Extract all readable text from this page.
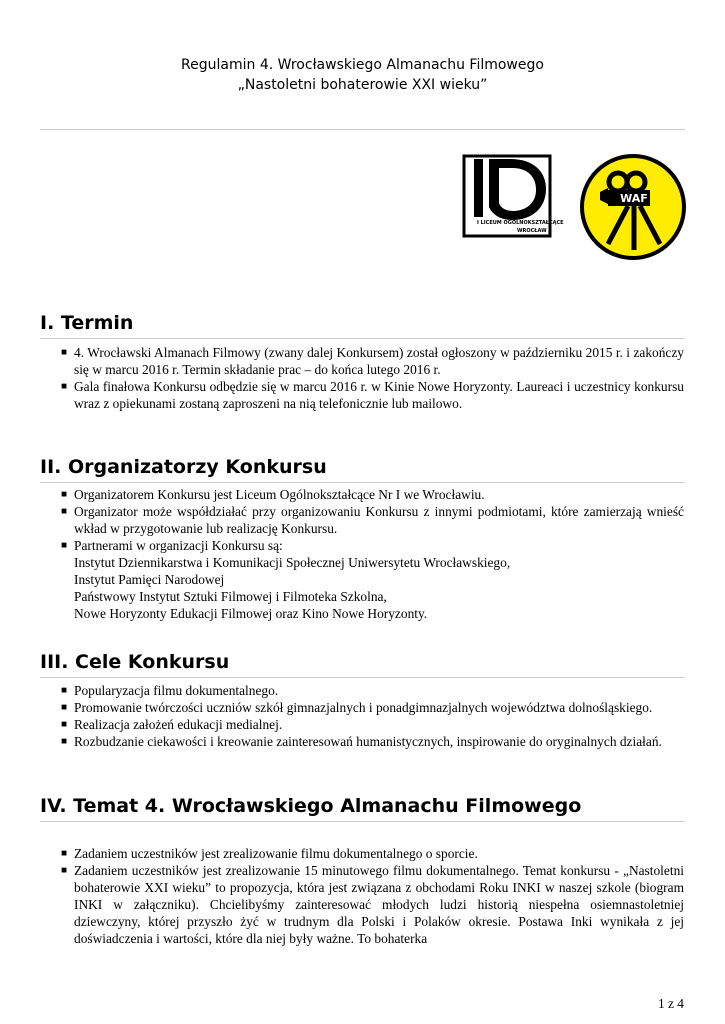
Regulamin 4. Wrocławskiego Almanachu Filmowego
„Nastoletni bohaterowie XXI wieku”
I LICEUM OGÓLNOKSZTAŁCĄCE
WROCŁAW
WAF
I. Termin
■ 4. Wrocławski Almanach Filmowy (zwany dalej Konkursem) został ogłoszony w październiku 2015 r. i zakończy się w marcu 2016 r. Termin składanie prac – do końca lutego 2016 r.
■ Gala finałowa Konkursu odbędzie się w marcu 2016 r. w Kinie Nowe Horyzonty. Laureaci i uczestnicy konkursu wraz z opiekunami zostaną zaproszeni na nią telefonicznie lub mailowo.
II. Organizatorzy Konkursu
■ Organizatorem Konkursu jest Liceum Ogólnokształcące Nr I we Wrocławiu.
■ Organizator może współdziałać przy organizowaniu Konkursu z innymi podmiotami, które zamierzają wnieść wkład w przygotowanie lub realizację Konkursu.
■ Partnerami w organizacji Konkursu są:
Instytut Dziennikarstwa i Komunikacji Społecznej Uniwersytetu Wrocławskiego,
Instytut Pamięci Narodowej
Państwowy Instytut Sztuki Filmowej i Filmoteka Szkolna,
Nowe Horyzonty Edukacji Filmowej oraz Kino Nowe Horyzonty.
III. Cele Konkursu
■ Popularyzacja filmu dokumentalnego.
■ Promowanie twórczości uczniów szkół gimnazjalnych i ponadgimnazjalnych województwa dolnośląskiego.
■ Realizacja założeń edukacji medialnej.
■ Rozbudzanie ciekawości i kreowanie zainteresowań humanistycznych, inspirowanie do oryginalnych działań.
IV. Temat 4. Wrocławskiego Almanachu Filmowego
■ Zadaniem uczestników jest zrealizowanie filmu dokumentalnego o sporcie.
■ Zadaniem uczestników jest zrealizowanie 15 minutowego filmu dokumentalnego. Temat konkursu - „Nastoletni bohaterowie XXI wieku” to propozycja, która jest związana z obchodami Roku INKI w naszej szkole (biogram INKI w załączniku). Chcielibyśmy zainteresować młodych ludzi historią niespełna osiemnastoletniej dziewczyny, której przyszło żyć w trudnym dla Polski i Polaków okresie. Postawa Inki wynikała z jej doświadczenia i wartości, które dla niej były ważne. To bohaterka
1 z 4
